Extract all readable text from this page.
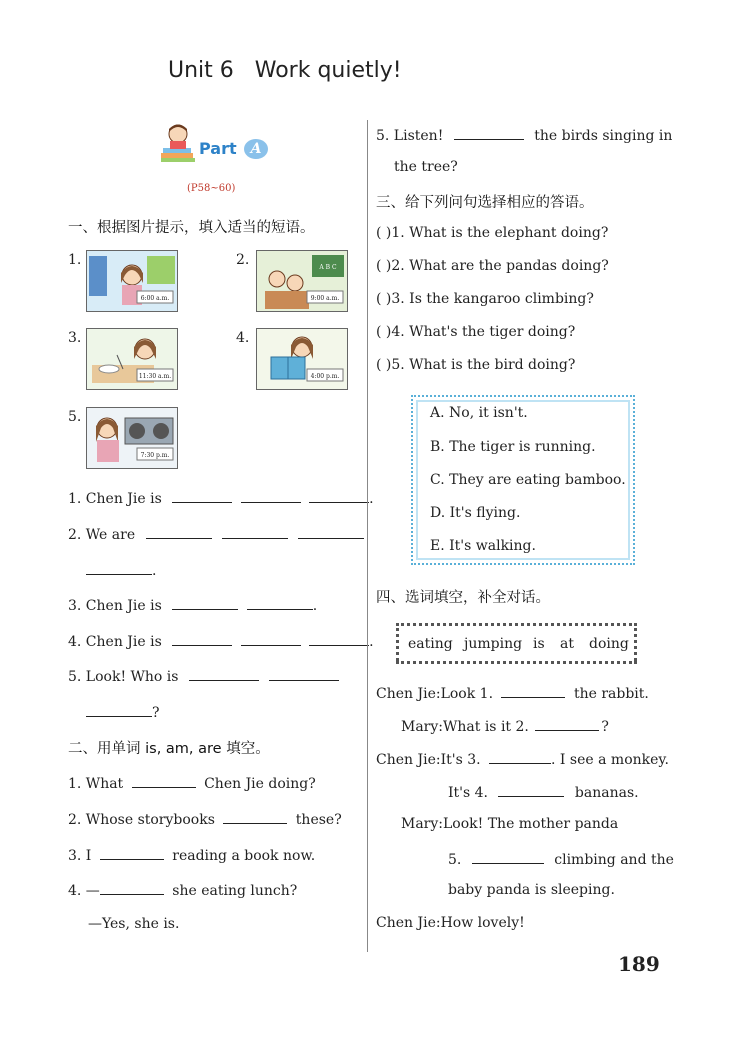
Unit 6   Work quietly!
Part A
(P58~60)
一、根据图片提示，填入适当的短语。
1.
6:00 a.m.
2.	A B C
9:00 a.m.
3.
11:30 a.m.
4.
4:00 p.m.
5.
7:30 p.m.
1. Chen Jie is	.
2. We are
.
3. Chen Jie is	.
4. Chen Jie is	.
5. Look! Who is
?
二、用单词 is, am, are 填空。
1. What	Chen Jie doing?
2. Whose storybooks	these?
3. I	reading a book now.
4. —	she eating lunch?
—Yes, she is.
5. Listen!	the birds singing in
the tree?
三、给下列问句选择相应的答语。
( )1. What is the elephant doing?
( )2. What are the pandas doing?
( )3. Is the kangaroo climbing?
( )4. What's the tiger doing?
( )5. What is the bird doing?
A. No, it isn't.
B. The tiger is running.
C. They are eating bamboo.
D. It's flying.
E. It's walking.
四、选词填空，补全对话。
eating jumping is at doing
Chen Jie:Look 1.	the rabbit.
Mary:What is it 2.	?
Chen Jie:It's 3.	. I see a monkey.
It's 4.	bananas.
Mary:Look! The mother panda
5.	climbing and the
baby panda is sleeping.
Chen Jie:How lovely!
189
